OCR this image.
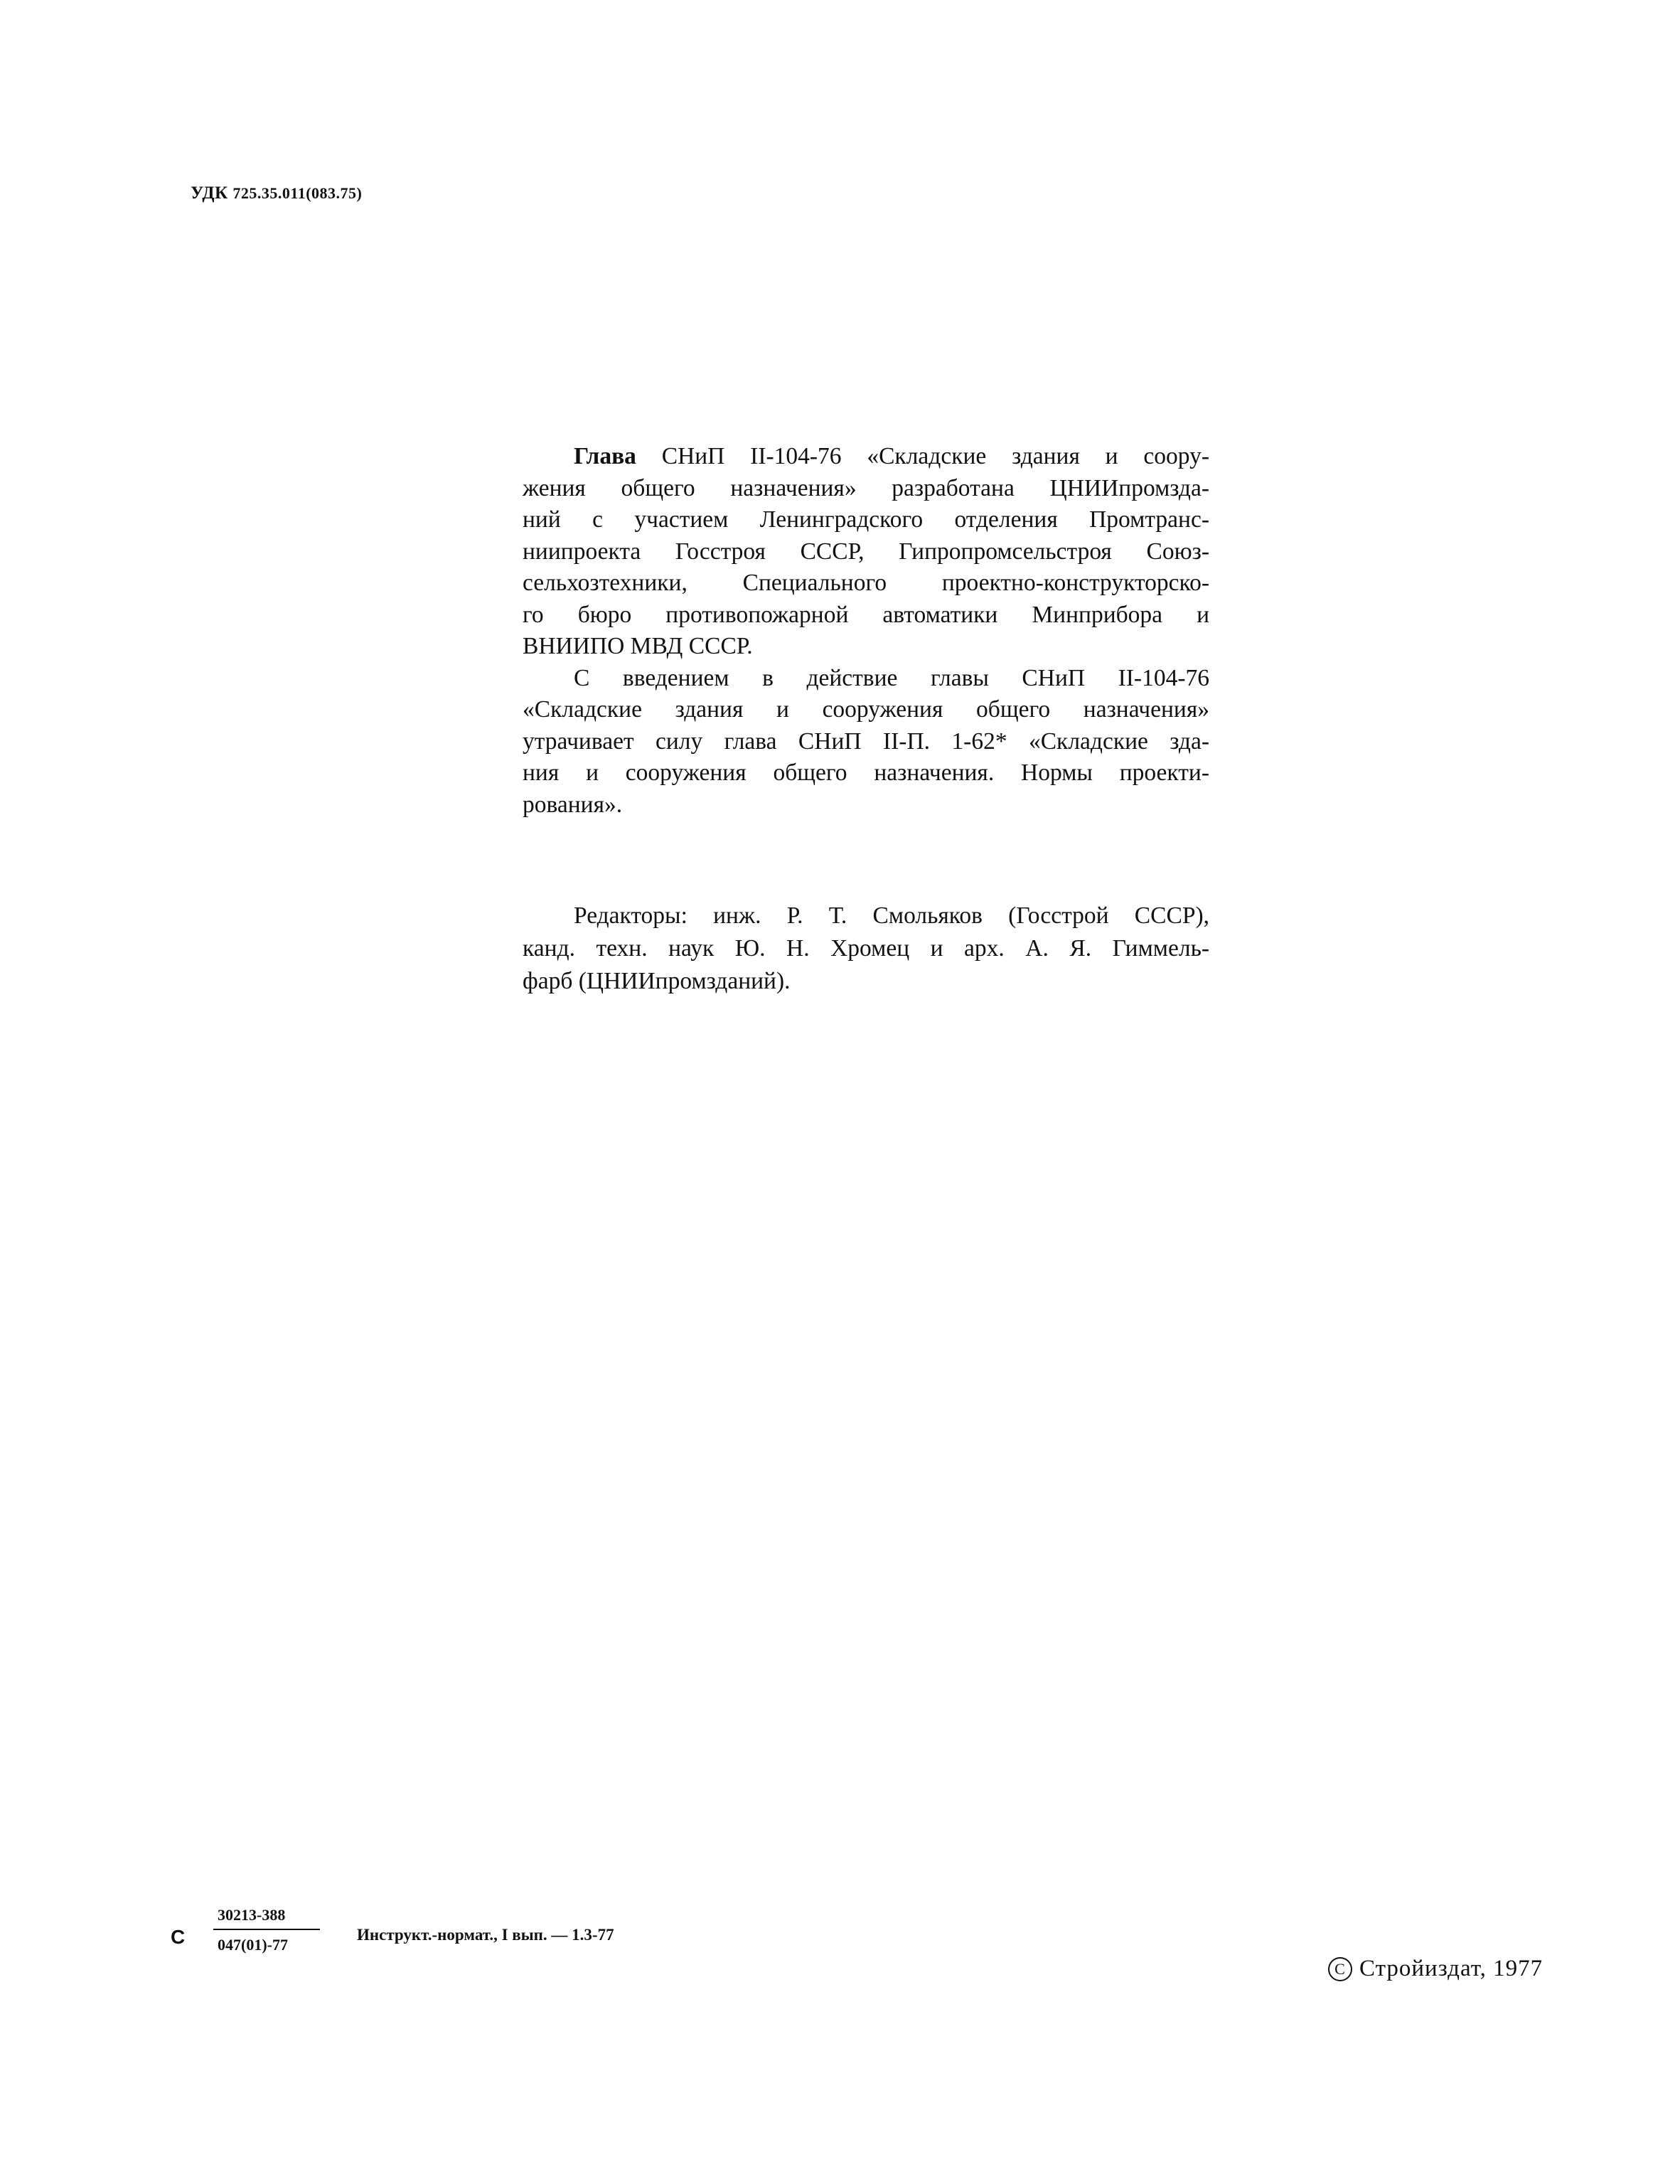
УДК 725.35.011(083.75)
Глава СНиП II-104-76 «Складские здания и соору-
жения общего назначения» разработана ЦНИИпромзда-
ний с участием Ленинградского отделения Промтранс-
ниипроекта Госстроя СССР, Гипропромсельстроя Союз-
сельхозтехники, Специального проектно-конструкторско-
го бюро противопожарной автоматики Минприбора и
ВНИИПО МВД СССР.
С введением в действие главы СНиП II-104-76
«Складские здания и сооружения общего назначения»
утрачивает силу глава СНиП II-П. 1-62* «Складские зда-
ния и сооружения общего назначения. Нормы проекти-
рования».
Редакторы: инж. Р. Т. Смольяков (Госстрой СССР),
канд. техн. наук Ю. Н. Хромец и арх. А. Я. Гиммель-
фарб (ЦНИИпромзданий).
С
30213-388
047(01)-77
Инструкт.-нормат., I вып. — 1.3-77
С Стройиздат, 1977
